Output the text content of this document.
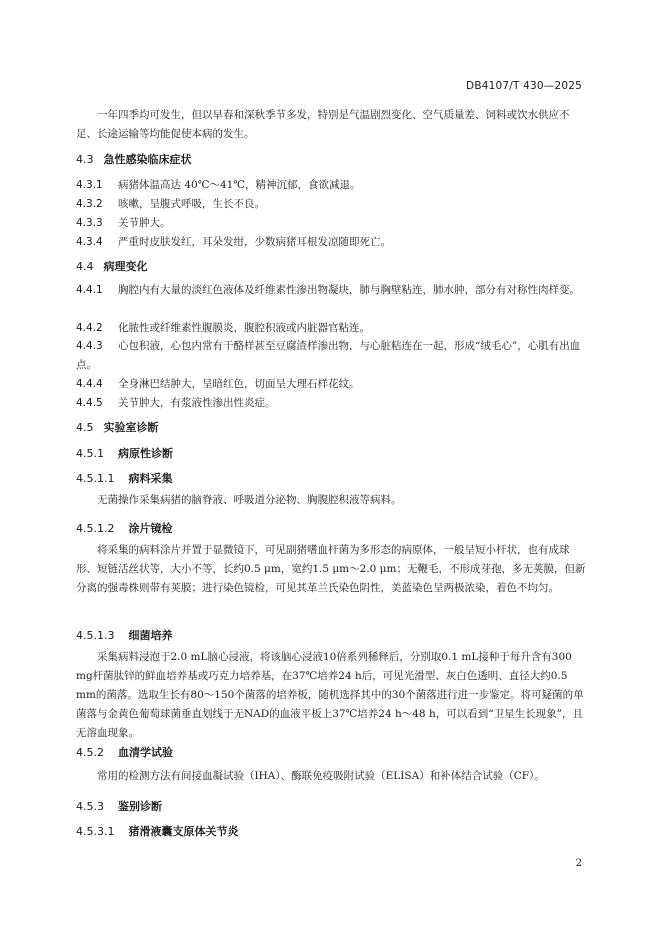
DB4107/T 430—2025
一年四季均可发生，但以早春和深秋季节多发，特别是气温剧烈变化、空气质量差、饲料或饮水供应不足、长途运输等均能促使本病的发生。
4.3 急性感染临床症状
4.3.1 病猪体温高达 40℃～41℃，精神沉郁，食欲减退。
4.3.2 咳嗽，呈腹式呼吸，生长不良。
4.3.3 关节肿大。
4.3.4 严重时皮肤发红，耳朵发绀，少数病猪耳根发凉随即死亡。
4.4 病理变化
4.4.1 胸腔内有大量的淡红色液体及纤维素性渗出物凝块，肺与胸壁粘连，肺水肿，部分有对称性肉样变。
4.4.2 化脓性或纤维素性腹膜炎，腹腔积液或内脏器官粘连。
4.4.3 心包积液，心包内常有干酪样甚至豆腐渣样渗出物，与心脏粘连在一起，形成“绒毛心”，心肌有出血点。
4.4.4 全身淋巴结肿大，呈暗红色，切面呈大理石样花纹。
4.4.5 关节肿大，有浆液性渗出性炎症。
4.5 实验室诊断
4.5.1 病原性诊断
4.5.1.1 病料采集
无菌操作采集病猪的脑脊液、呼吸道分泌物、胸腹腔积液等病料。
4.5.1.2 涂片镜检
将采集的病料涂片并置于显微镜下，可见副猪嗜血杆菌为多形态的病原体，一般呈短小杆状，也有成球形、短链活丝状等，大小不等，长约0.5 μm，宽约1.5 μm～2.0 μm；无鞭毛，不形成芽孢，多无荚膜，但新分离的强毒株则带有荚膜；进行染色镜检，可见其革兰氏染色阴性，美蓝染色呈两极浓染，着色不均匀。
4.5.1.3 细菌培养
采集病料浸泡于2.0 mL脑心浸液，将该脑心浸液10倍系列稀释后，分别取0.1 mL接种于每升含有300 mg杆菌肽锌的鲜血培养基或巧克力培养基，在37℃培养24 h后，可见光滑型、灰白色透明、直径大约0.5 mm的菌落。选取生长有80～150个菌落的培养板，随机选择其中的30个菌落进行进一步鉴定。将可疑菌的单菌落与金黄色葡萄球菌垂直划线于无NAD的血液平板上37℃培养24 h～48 h，可以看到“卫星生长现象”，且无溶血现象。
4.5.2 血清学试验
常用的检测方法有间接血凝试验（IHA）、酶联免疫吸附试验（ELISA）和补体结合试验（CF）。
4.5.3 鉴别诊断
4.5.3.1 猪滑液囊支原体关节炎
2
